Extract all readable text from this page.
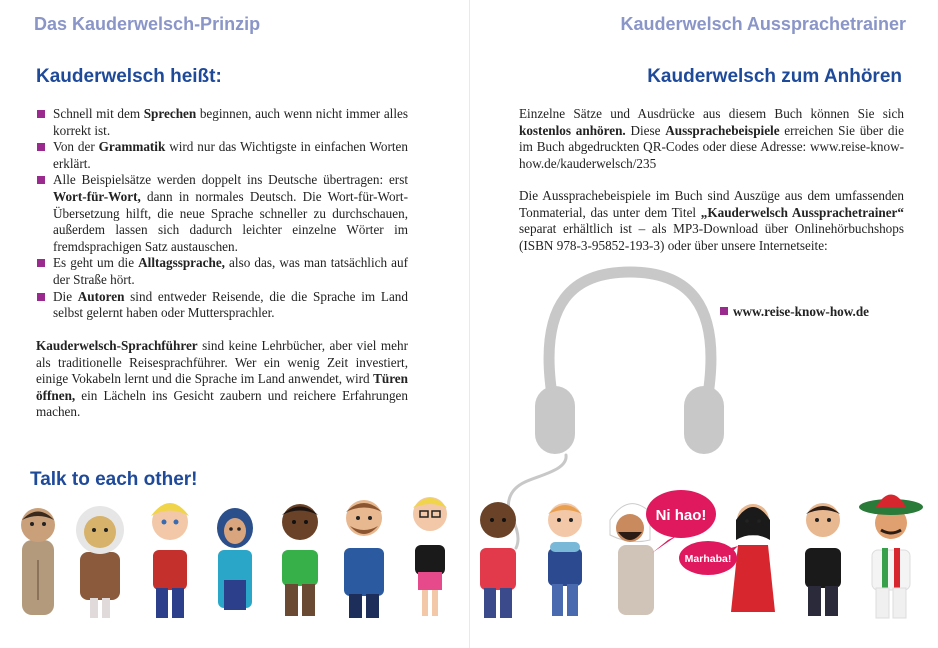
Das Kauderwelsch-Prinzip
Kauderwelsch heißt:
Schnell mit dem Sprechen beginnen, auch wenn nicht immer alles korrekt ist.
Von der Grammatik wird nur das Wichtigste in einfachen Worten erklärt.
Alle Beispielsätze werden doppelt ins Deutsche übertragen: erst Wort-für-Wort, dann in normales Deutsch. Die Wort-für-Wort-Übersetzung hilft, die neue Sprache schneller zu durchschauen, außerdem lassen sich dadurch leichter einzelne Wörter im fremdsprachigen Satz austauschen.
Es geht um die Alltagssprache, also das, was man tatsächlich auf der Straße hört.
Die Autoren sind entweder Reisende, die die Sprache im Land selbst gelernt haben oder Muttersprachler.
Kauderwelsch-Sprachführer sind keine Lehrbücher, aber viel mehr als traditionelle Reisesprachführer. Wer ein wenig Zeit investiert, einige Vokabeln lernt und die Sprache im Land anwendet, wird Türen öffnen, ein Lächeln ins Gesicht zaubern und reichere Erfahrungen machen.
Kauderwelsch Aussprachetrainer
Kauderwelsch zum Anhören
Einzelne Sätze und Ausdrücke aus diesem Buch können Sie sich kostenlos anhören. Diese Aussprachebeispiele erreichen Sie über die im Buch abgedruckten QR-Codes oder diese Adresse: www.reise-know-how.de/kauderwelsch/235
Die Aussprachebeispiele im Buch sind Auszüge aus dem umfassenden Tonmaterial, das unter dem Titel „Kauderwelsch Aussprachetrainer“ separat erhältlich ist – als MP3-Download über Onlinehörbuchshops (ISBN 978-3-95852-193-3) oder über unsere Internetseite:
www.reise-know-how.de
Talk to each other!
Ni hao!
Marhaba!
